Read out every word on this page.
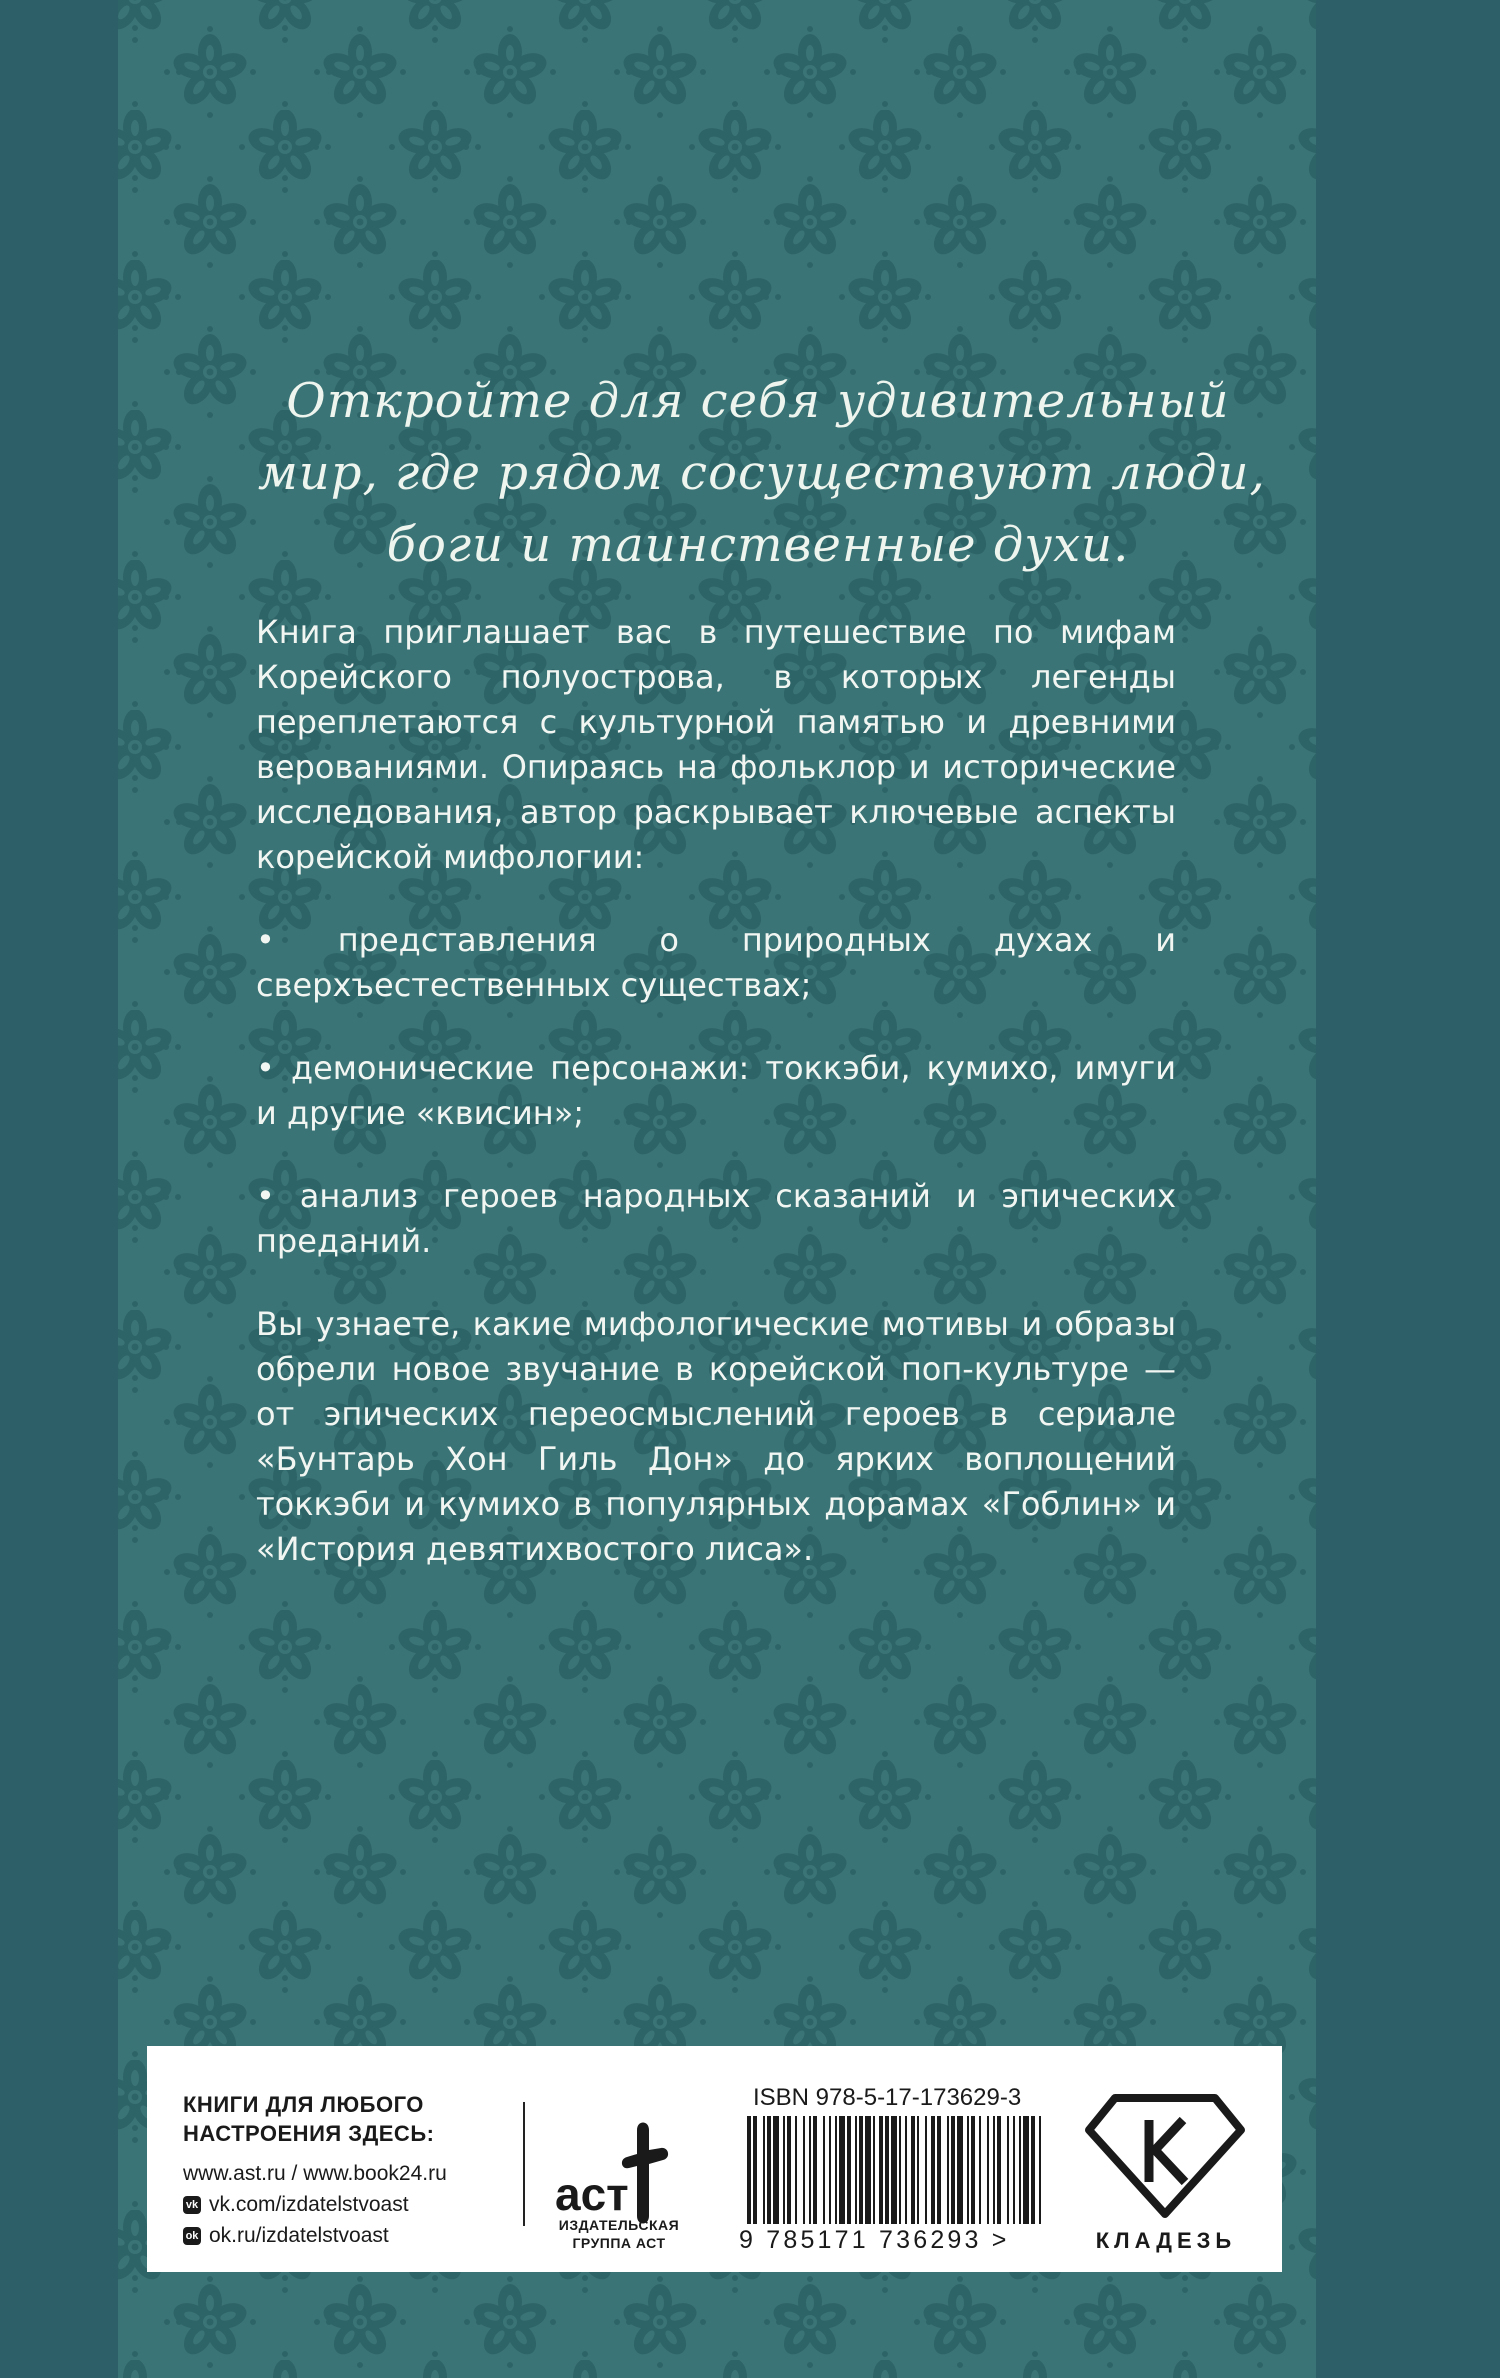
Откройте для себя удивительный
мир, где рядом сосуществуют люди,
боги и таинственные духи.

Книга приглашает вас в путешествие по мифам Корейского полуострова, в которых легенды переплетаются с культурной памятью и древними верованиями. Опираясь на фольклор и исторические исследования, автор раскрывает ключевые аспекты корейской мифологии:

• представления о природных духах и сверхъестественных существах;

• демонические персонажи: токкэби, кумихо, имуги и другие «квисин»;

• анализ героев народных сказаний и эпических преданий.

Вы узнаете, какие мифологические мотивы и образы обрели новое звучание в корейской поп-культуре — от эпических переосмыслений героев в сериале «Бунтарь Хон Гиль Дон» до ярких воплощений токкэби и кумихо в популярных дорамах «Гоблин» и «История девятихвостого лиса».

КНИГИ ДЛЯ ЛЮБОГО
НАСТРОЕНИЯ ЗДЕСЬ:
www.ast.ru / www.book24.ru
vk vk.com/izdatelstvoast
ok ok.ru/izdatelstvoast
аст
ИЗДАТЕЛЬСКАЯ
ГРУППА АСТ
ISBN 978-5-17-173629-3
9 785171 736293 >	КЛАДЕЗЬ
